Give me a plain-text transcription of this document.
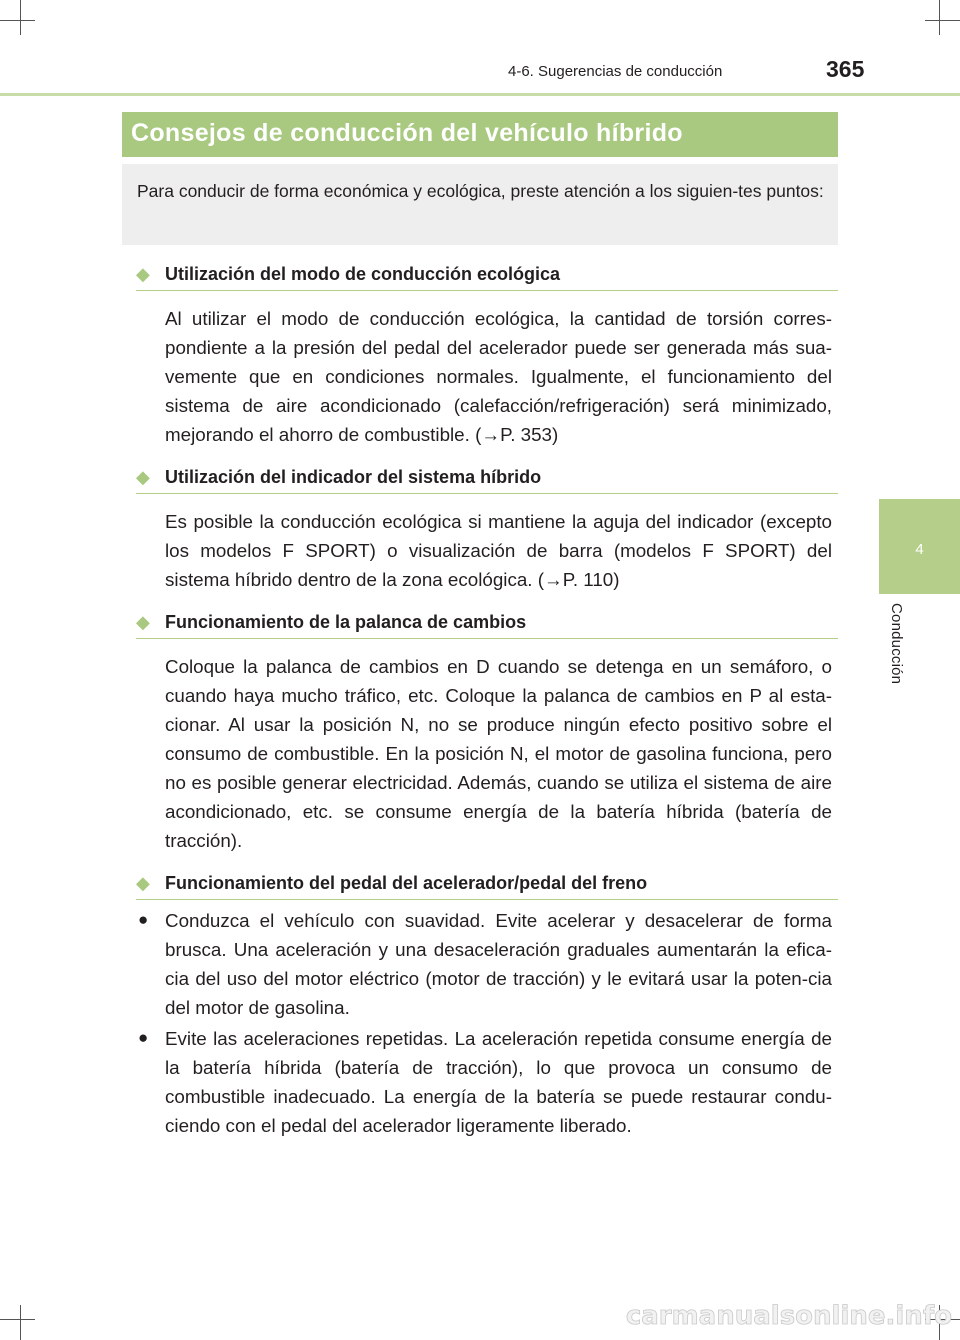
4-6. Sugerencias de conducción	365
4
Conducción
Consejos de conducción del vehículo híbrido

Para conducir de forma económica y ecológica, preste atención a los siguien-tes puntos:

◆ Utilización del modo de conducción ecológica

Al utilizar el modo de conducción ecológica, la cantidad de torsión corres-pondiente a la presión del pedal del acelerador puede ser generada más sua-vemente que en condiciones normales. Igualmente, el funcionamiento del sistema de aire acondicionado (calefacción/refrigeración) será minimizado, mejorando el ahorro de combustible. (→P. 353)

◆ Utilización del indicador del sistema híbrido

Es posible la conducción ecológica si mantiene la aguja del indicador (excepto los modelos F SPORT) o visualización de barra (modelos F SPORT) del sistema híbrido dentro de la zona ecológica. (→P. 110)

◆ Funcionamiento de la palanca de cambios

Coloque la palanca de cambios en D cuando se detenga en un semáforo, o cuando haya mucho tráfico, etc. Coloque la palanca de cambios en P al esta-cionar. Al usar la posición N, no se produce ningún efecto positivo sobre el consumo de combustible. En la posición N, el motor de gasolina funciona, pero no es posible generar electricidad. Además, cuando se utiliza el sistema de aire acondicionado, etc. se consume energía de la batería híbrida (batería de tracción).

◆ Funcionamiento del pedal del acelerador/pedal del freno
● Conduzca el vehículo con suavidad. Evite acelerar y desacelerar de forma brusca. Una aceleración y una desaceleración graduales aumentarán la efica-cia del uso del motor eléctrico (motor de tracción) y le evitará usar la poten-cia del motor de gasolina.

● Evite las aceleraciones repetidas. La aceleración repetida consume energía de la batería híbrida (batería de tracción), lo que provoca un consumo de combustible inadecuado. La energía de la batería se puede restaurar condu-ciendo con el pedal del acelerador ligeramente liberado.

carmanualsonline.info
